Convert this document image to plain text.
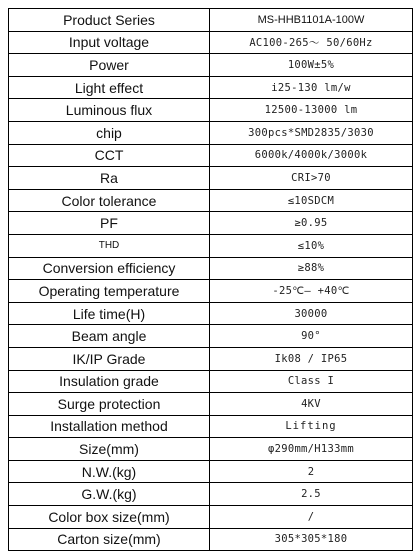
Product Series	MS-HHB1101A-100W
Input voltage	AC100-265～ 50/60Hz
Power	100W±5%
Light effect	i25-130 lm/w
Luminous flux	12500-13000 lm
chip	300pcs*SMD2835/3030
CCT	6000k/4000k/3000k
Ra	CRI>70
Color tolerance	≤10SDCM
PF	≥0.95
THD	≤10%
Conversion efficiency	≥88%
Operating temperature	-25℃— +40℃
Life time(H)	30000
Beam angle	90°
IK/IP Grade	Ik08 / IP65
Insulation grade	Class I
Surge protection	4KV
Installation method	Lifting
Size(mm)	φ290mm/H133mm
N.W.(kg)	2
G.W.(kg)	2.5
Color box size(mm)	/
Carton size(mm)	305*305*180
